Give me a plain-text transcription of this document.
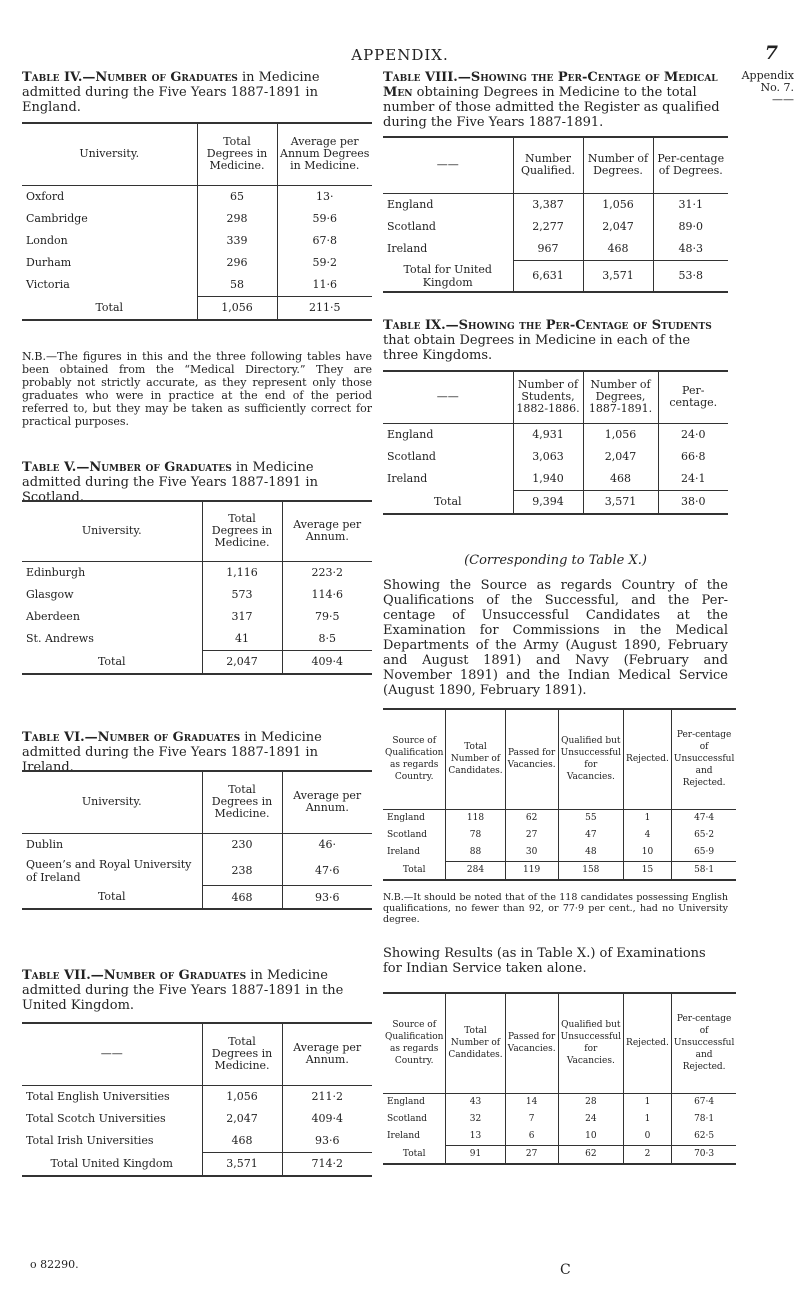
APPENDIX.	7
Appendix
No. 7.
——
Table IV.—Number of Graduates in Medicine admitted during the Five Years 1887-1891 in England.
University.	Total Degrees in Medicine.	Average per Annum Degrees in Medicine.
Oxford	65	13·
Cambridge	298	59·6
London	339	67·8
Durham	296	59·2
Victoria	58	11·6
Total	1,056	211·5
N.B.—The figures in this and the three following tables have been obtained from the “Medical Directory.” They are probably not strictly accurate, as they represent only those graduates who were in practice at the end of the period referred to, but they may be taken as sufficiently correct for practical purposes.
Table V.—Number of Graduates in Medicine admitted during the Five Years 1887-1891 in Scotland.
University.	Total Degrees in Medicine.	Average per Annum.
Edinburgh	1,116	223·2
Glasgow	573	114·6
Aberdeen	317	79·5
St. Andrews	41	8·5
Total	2,047	409·4
Table VI.—Number of Graduates in Medicine admitted during the Five Years 1887-1891 in Ireland.
University.	Total Degrees in Medicine.	Average per Annum.
Dublin	230	46·
Queen’s and Royal University of Ireland	238	47·6
Total	468	93·6
Table VII.—Number of Graduates in Medicine admitted during the Five Years 1887-1891 in the United Kingdom.
——	Total Degrees in Medicine.	Average per Annum.
Total English Universities	1,056	211·2
Total Scotch Universities	2,047	409·4
Total Irish Universities	468	93·6
Total United Kingdom	3,571	714·2
o 82290.
Table VIII.—Showing the Per-Centage of Medical Men obtaining Degrees in Medicine to the total number of those admitted the Register as qualified during the Five Years 1887-1891.
——	Number Qualified.	Number of Degrees.	Per-centage of Degrees.
England	3,387	1,056	31·1
Scotland	2,277	2,047	89·0
Ireland	967	468	48·3
Total for United Kingdom	6,631	3,571	53·8
Table IX.—Showing the Per-Centage of Students that obtain Degrees in Medicine in each of the three Kingdoms.
——	Number of Students, 1882-1886.	Number of Degrees, 1887-1891.	Per-centage.
England	4,931	1,056	24·0
Scotland	3,063	2,047	66·8
Ireland	1,940	468	24·1
Total	9,394	3,571	38·0
(Corresponding to Table X.)
Showing the Source as regards Country of the Qualifications of the Successful, and the Per-centage of Unsuccessful Candidates at the Examination for Commissions in the Medical Departments of the Army (August 1890, February and August 1891) and Navy (February and November 1891) and the Indian Medical Service (August 1890, February 1891).
Source of Qualification as regards Country.	Total Number of Candidates.	Passed for Vacancies.	Qualified but Unsuccessful for Vacancies.	Rejected.	Per-centage of Unsuccessful and Rejected.
England	118	62	55	1	47·4
Scotland	78	27	47	4	65·2
Ireland	88	30	48	10	65·9
Total	284	119	158	15	58·1
N.B.—It should be noted that of the 118 candidates possessing English qualifications, no fewer than 92, or 77·9 per cent., had no University degree.
Showing Results (as in Table X.) of Examinations for Indian Service taken alone.
Source of Qualification as regards Country.	Total Number of Candidates.	Passed for Vacancies.	Qualified but Unsuccessful for Vacancies.	Rejected.	Per-centage of Unsuccessful and Rejected.
England	43	14	28	1	67·4
Scotland	32	7	24	1	78·1
Ireland	13	6	10	0	62·5
Total	91	27	62	2	70·3
C
